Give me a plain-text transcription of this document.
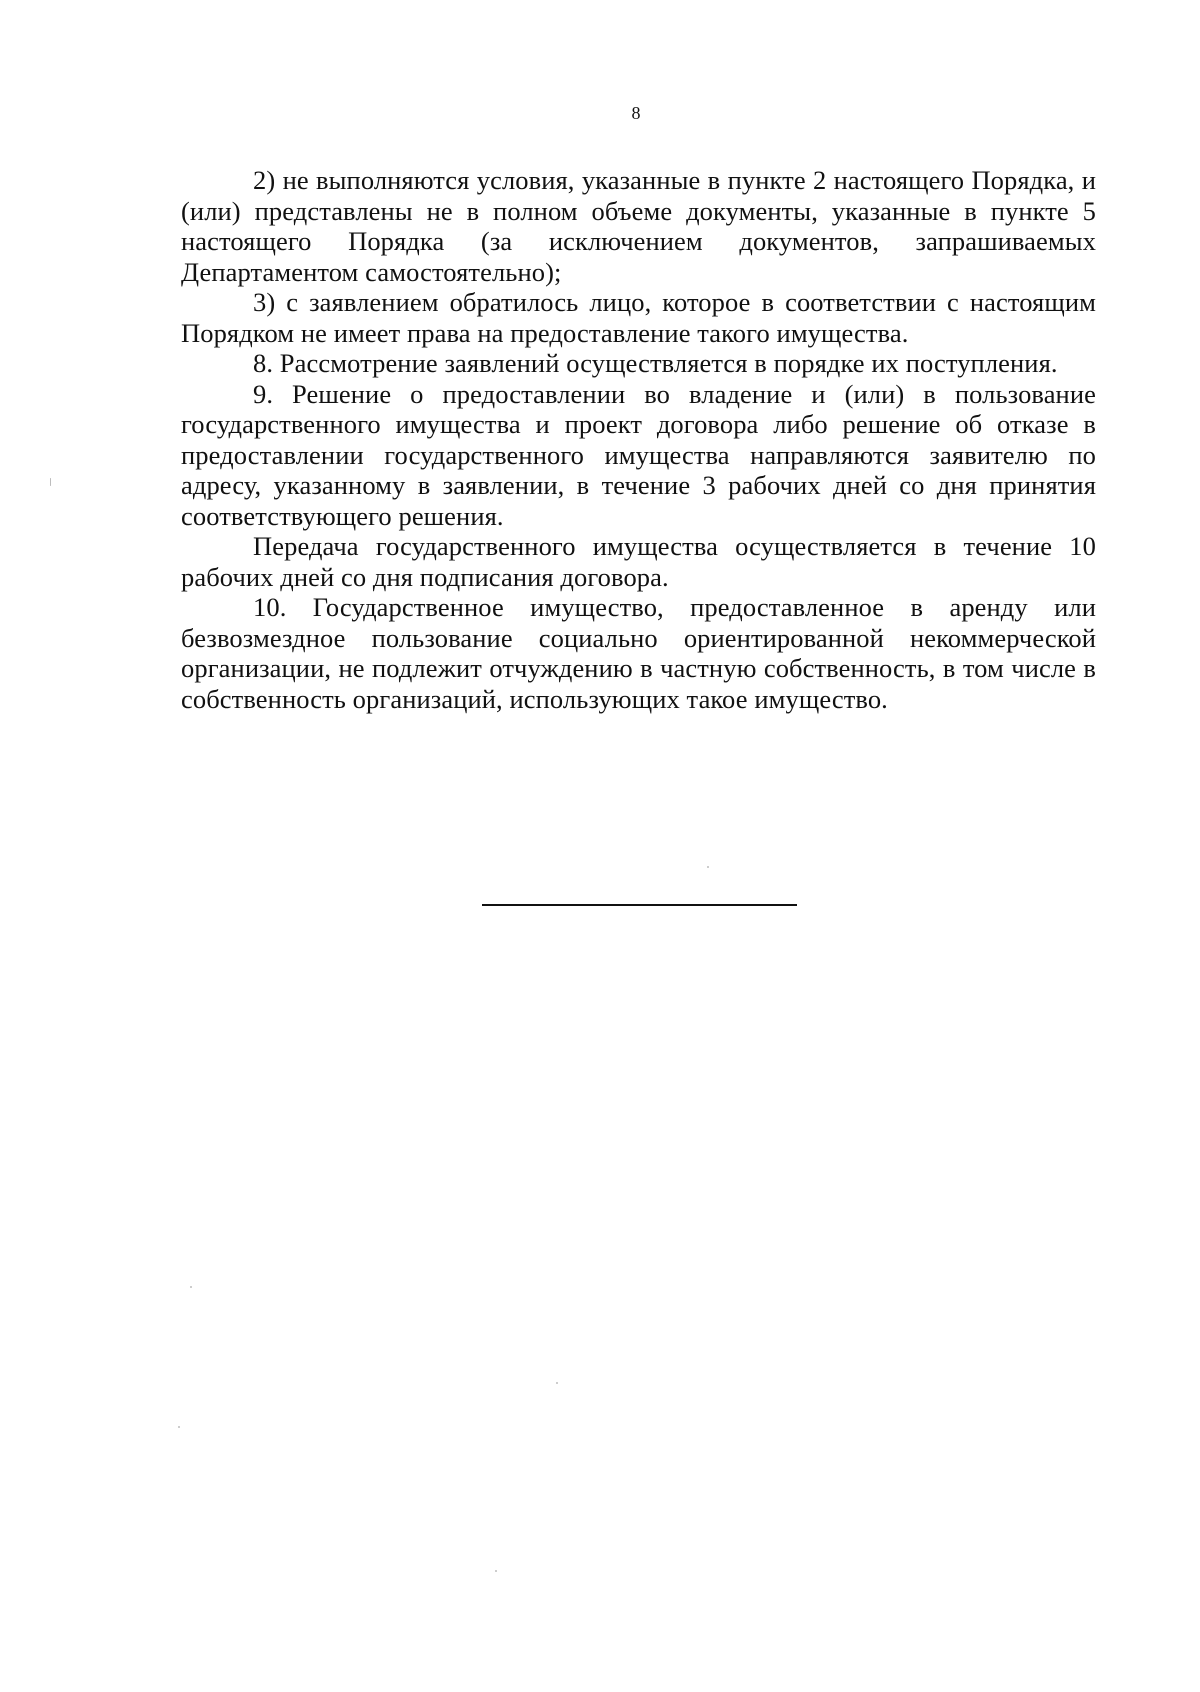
8

2) не выполняются условия, указанные в пункте 2 настоящего Порядка, и (или) представлены не в полном объеме документы, указанные в пункте 5 настоящего Порядка (за исключением документов, запрашиваемых Департаментом самостоятельно);

3) с заявлением обратилось лицо, которое в соответствии с настоящим Порядком не имеет права на предоставление такого имущества.

8. Рассмотрение заявлений осуществляется в порядке их поступления.

9. Решение о предоставлении во владение и (или) в пользование государственного имущества и проект договора либо решение об отказе в предоставлении государственного имущества направляются заявителю по адресу, указанному в заявлении, в течение 3 рабочих дней со дня принятия соответствующего решения.

Передача государственного имущества осуществляется в течение 10 рабочих дней со дня подписания договора.

10. Государственное имущество, предоставленное в аренду или безвозмездное пользование социально ориентированной некоммерческой организации, не подлежит отчуждению в частную собственность, в том числе в собственность организаций, использующих такое имущество.
